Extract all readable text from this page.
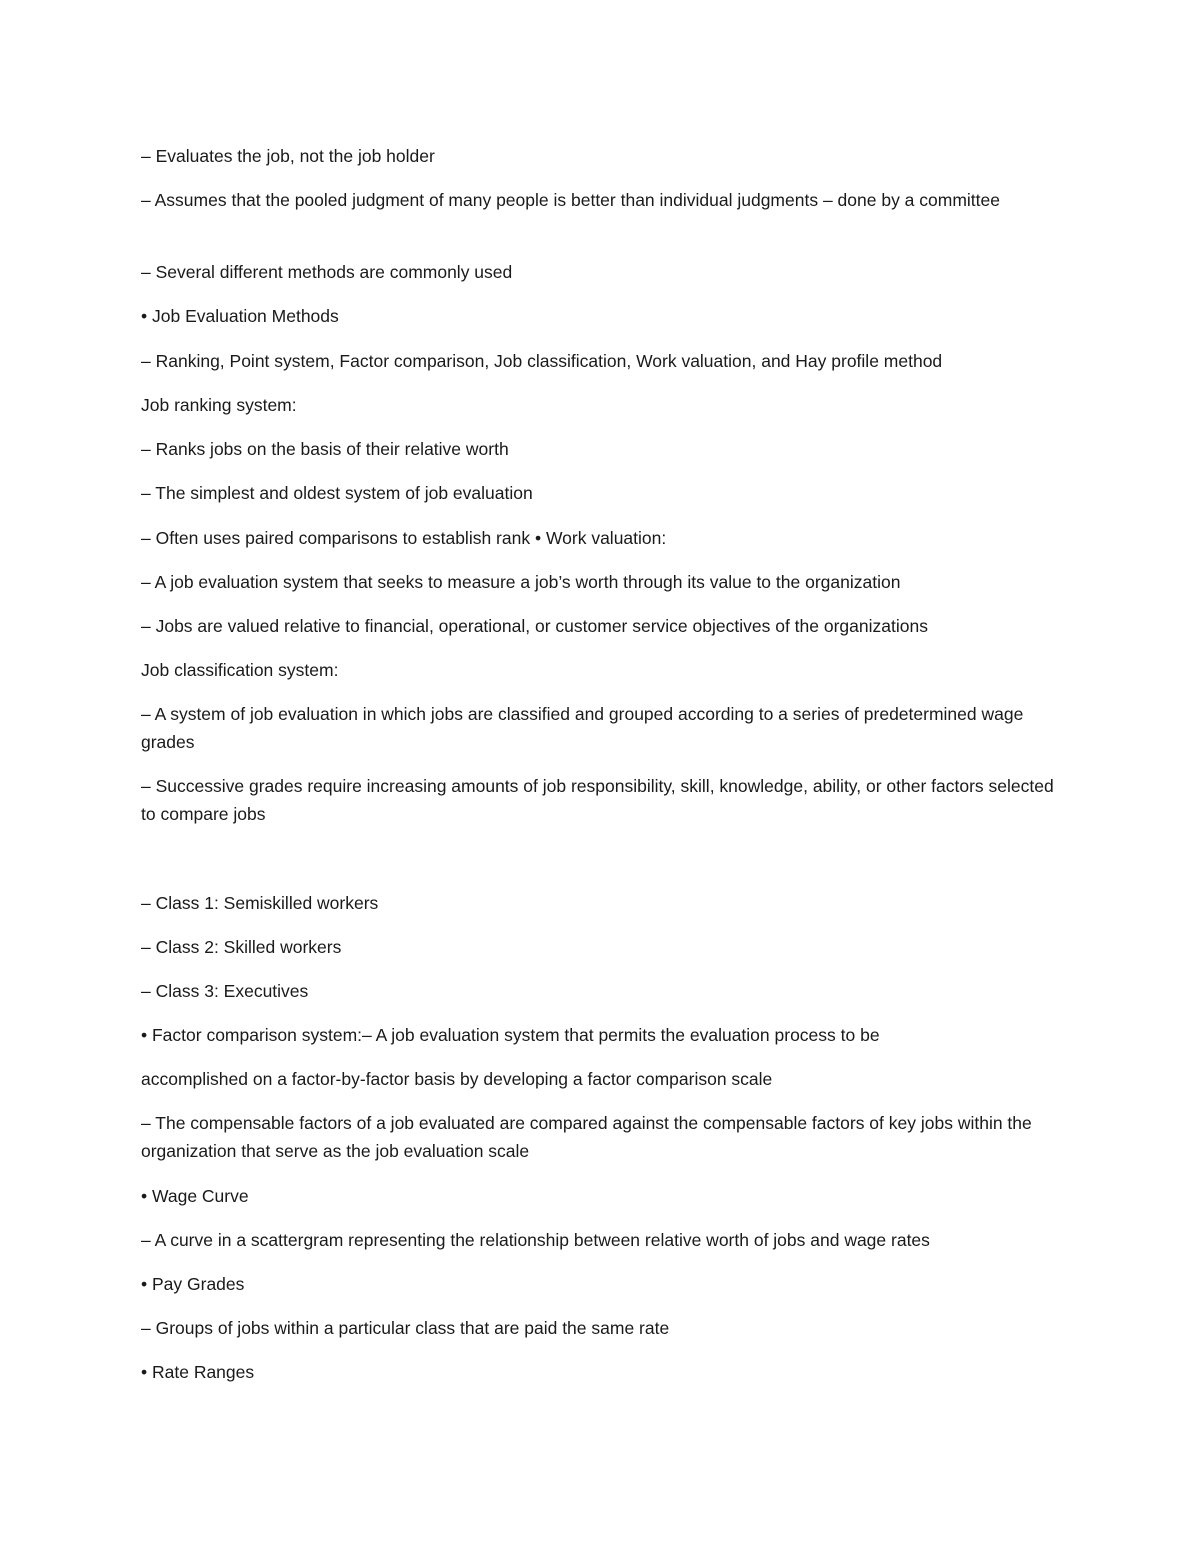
– Evaluates the job, not the job holder

– Assumes that the pooled judgment of many people is better than individual judgments – done by a committee

– Several different methods are commonly used

• Job Evaluation Methods

– Ranking, Point system, Factor comparison, Job classification, Work valuation, and Hay profile method

Job ranking system:

– Ranks jobs on the basis of their relative worth

– The simplest and oldest system of job evaluation

– Often uses paired comparisons to establish rank • Work valuation:

– A job evaluation system that seeks to measure a job’s worth through its value to the organization

– Jobs are valued relative to financial, operational, or customer service objectives of the organizations

Job classification system:

– A system of job evaluation in which jobs are classified and grouped according to a series of predetermined wage grades

– Successive grades require increasing amounts of job responsibility, skill, knowledge, ability, or other factors selected to compare jobs

– Class 1: Semiskilled workers

– Class 2: Skilled workers

– Class 3: Executives

• Factor comparison system:– A job evaluation system that permits the evaluation process to be

accomplished on a factor-by-factor basis by developing a factor comparison scale

– The compensable factors of a job evaluated are compared against the compensable factors of key jobs within the organization that serve as the job evaluation scale

• Wage Curve

– A curve in a scattergram representing the relationship between relative worth of jobs and wage rates

• Pay Grades

– Groups of jobs within a particular class that are paid the same rate

• Rate Ranges
